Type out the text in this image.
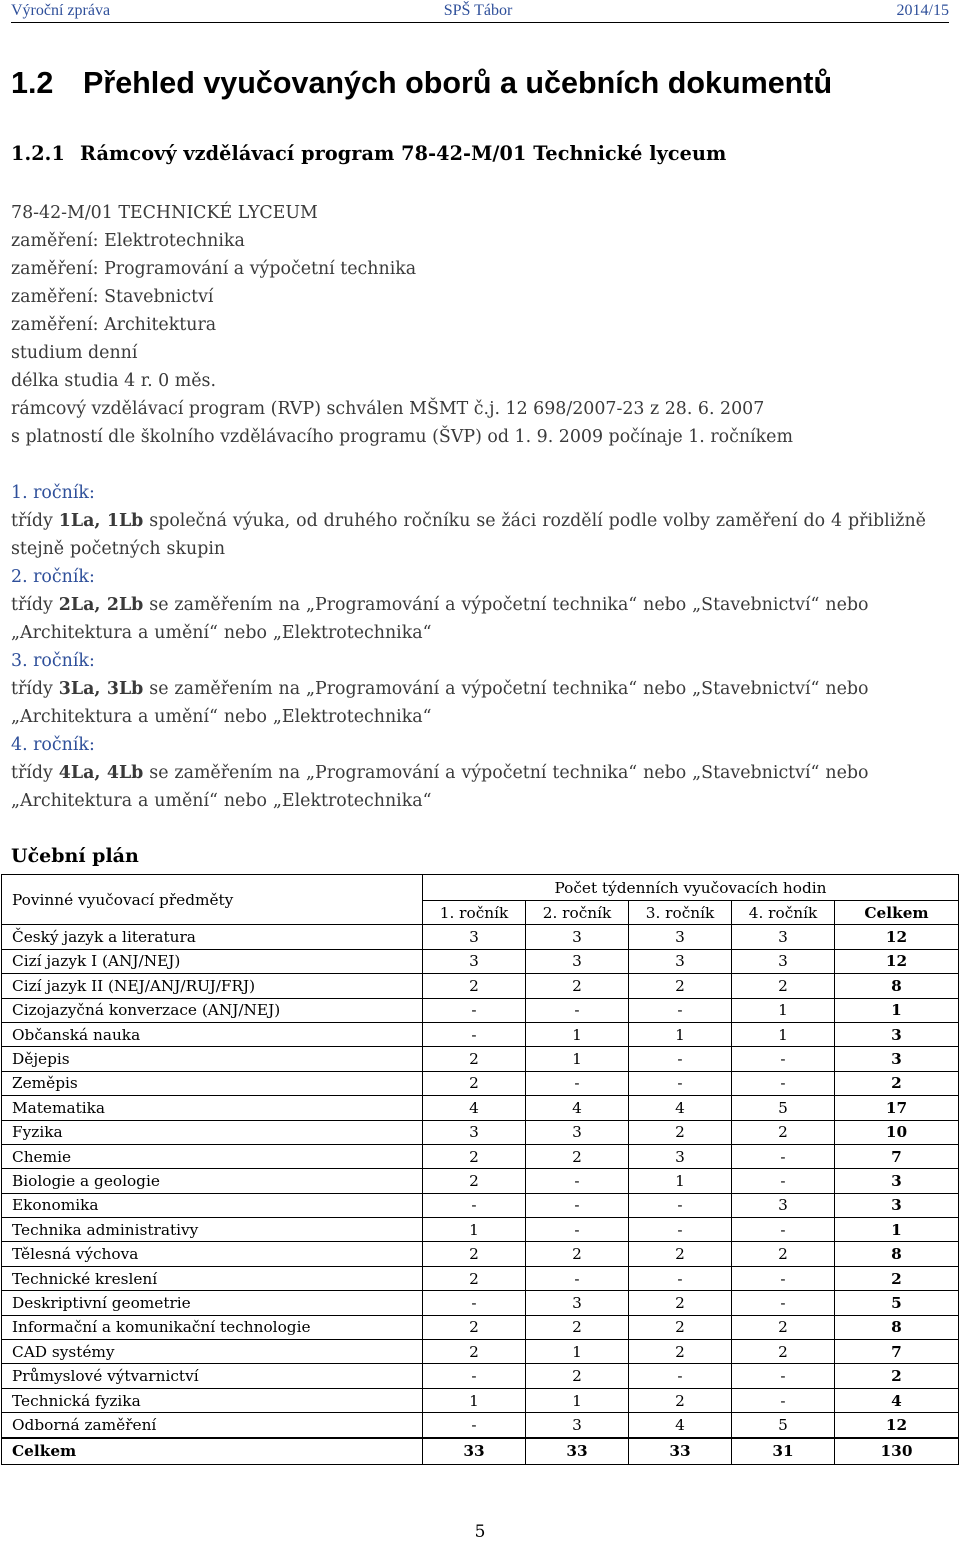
Výroční zpráva	SPŠ Tábor	2014/15
1.2 Přehled vyučovaných oborů a učebních dokumentů
1.2.1 Rámcový vzdělávací program 78-42-M/01 Technické lyceum
78-42-M/01 TECHNICKÉ LYCEUM
zaměření: Elektrotechnika
zaměření: Programování a výpočetní technika
zaměření: Stavebnictví
zaměření: Architektura
studium denní
délka studia 4 r. 0 měs.
rámcový vzdělávací program (RVP) schválen MŠMT č.j. 12 698/2007-23 z 28. 6. 2007
s platností dle školního vzdělávacího programu (ŠVP) od 1. 9. 2009 počínaje 1. ročníkem
1. ročník:
třídy 1La, 1Lb společná výuka, od druhého ročníku se žáci rozdělí podle volby zaměření do 4 přibližně stejně početných skupin
2. ročník:
třídy 2La, 2Lb se zaměřením na „Programování a výpočetní technika“ nebo „Stavebnictví“ nebo „Architektura a umění“ nebo „Elektrotechnika“
3. ročník:
třídy 3La, 3Lb se zaměřením na „Programování a výpočetní technika“ nebo „Stavebnictví“ nebo „Architektura a umění“ nebo „Elektrotechnika“
4. ročník:
třídy 4La, 4Lb se zaměřením na „Programování a výpočetní technika“ nebo „Stavebnictví“ nebo „Architektura a umění“ nebo „Elektrotechnika“
Učební plán
Povinné vyučovací předměty	Počet týdenních vyučovacích hodin				
	1. ročník	2. ročník	3. ročník	4. ročník	Celkem
Český jazyk a literatura	3	3	3	3	12
Cizí jazyk I (ANJ/NEJ)	3	3	3	3	12
Cizí jazyk II (NEJ/ANJ/RUJ/FRJ)	2	2	2	2	8
Cizojazyčná konverzace (ANJ/NEJ)	-	-	-	1	1
Občanská nauka	-	1	1	1	3
Dějepis	2	1	-	-	3
Zeměpis	2	-	-	-	2
Matematika	4	4	4	5	17
Fyzika	3	3	2	2	10
Chemie	2	2	3	-	7
Biologie a geologie	2	-	1	-	3
Ekonomika	-	-	-	3	3
Technika administrativy	1	-	-	-	1
Tělesná výchova	2	2	2	2	8
Technické kreslení	2	-	-	-	2
Deskriptivní geometrie	-	3	2	-	5
Informační a komunikační technologie	2	2	2	2	8
CAD systémy	2	1	2	2	7
Průmyslové výtvarnictví	-	2	-	-	2
Technická fyzika	1	1	2	-	4
Odborná zaměření	-	3	4	5	12
Celkem	33	33	33	31	130
5
